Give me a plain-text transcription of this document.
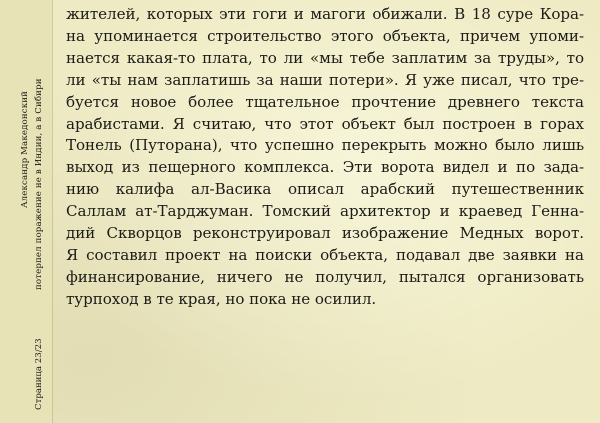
Александр Македонский потерпел поражение не в Индии, а в Сибири
Страница 23/23
жителей, которых эти гоги и магоги обижали. В 18 суре Кора-
на упоминается строительство этого объекта, причем упоми-
нается какая-то плата, то ли «мы тебе заплатим за труды», то
ли «ты нам заплатишь за наши потери». Я уже писал, что тре-
буется новое более тщательное прочтение древнего текста
арабистами. Я считаю, что этот объект был построен в горах
Тонель (Путорана), что успешно перекрыть можно было лишь
выход из пещерного комплекса. Эти ворота видел и по зада-
нию калифа ал-Васика описал арабский путешественник
Саллам ат-Тарджуман. Томский архитектор и краевед Генна-
дий Скворцов реконструировал изображение Медных ворот.
Я составил проект на поиски объекта, подавал две заявки на
финансирование, ничего не получил, пытался организовать
турпоход в те края, но пока не осилил.
